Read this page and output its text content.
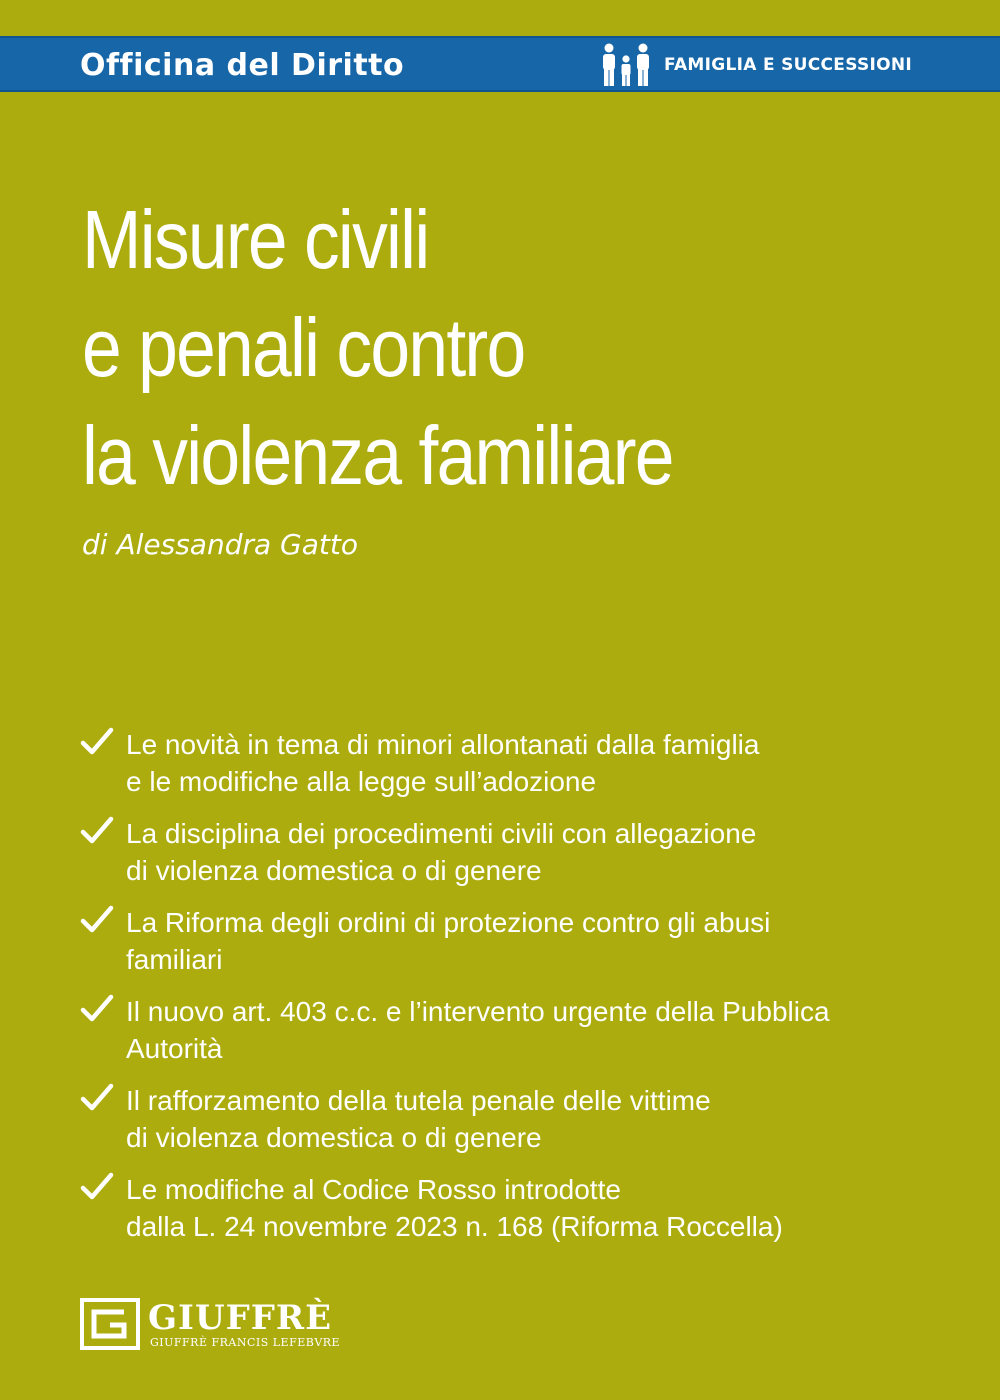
Officina del Diritto	FAMIGLIA E SUCCESSIONI
Misure civili
e penali contro
la violenza familiare
di Alessandra Gatto
Le novità in tema di minori allontanati dalla famiglia
e le modifiche alla legge sull’adozione
La disciplina dei procedimenti civili con allegazione
di violenza domestica o di genere
La Riforma degli ordini di protezione contro gli abusi
familiari
Il nuovo art. 403 c.c. e l’intervento urgente della Pubblica
Autorità
Il rafforzamento della tutela penale delle vittime
di violenza domestica o di genere
Le modifiche al Codice Rosso introdotte
dalla L. 24 novembre 2023 n. 168 (Riforma Roccella)
GIUFFRÈ
GIUFFRÈ FRANCIS LEFEBVRE
